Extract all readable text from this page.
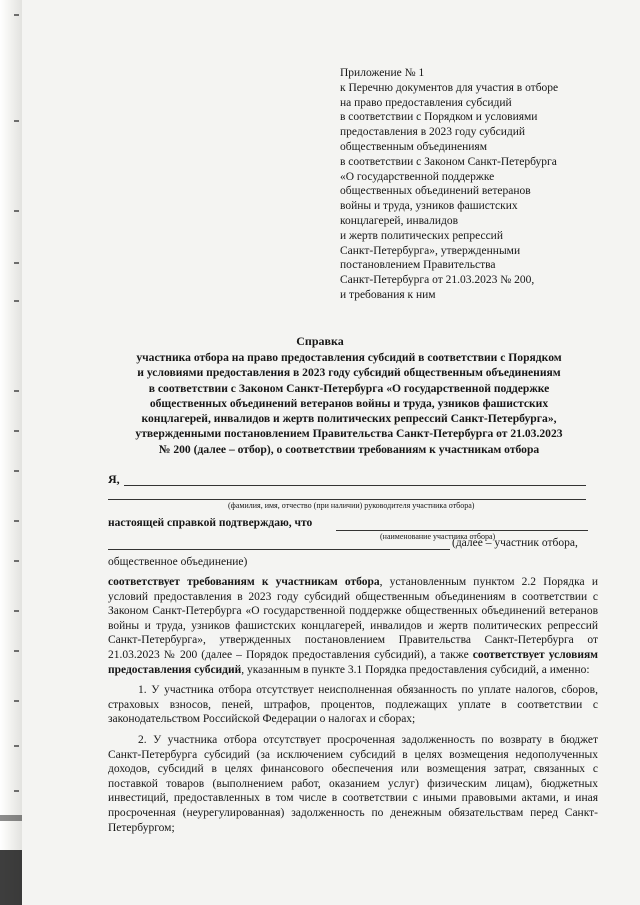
Приложение № 1
к Перечню документов для участия в отборе
на право предоставления субсидий
в соответствии с Порядком и условиями
предоставления в 2023 году субсидий
общественным объединениям
в соответствии с Законом Санкт-Петербурга
«О государственной поддержке
общественных объединений ветеранов
войны и труда, узников фашистских
концлагерей, инвалидов
и жертв политических репрессий
Санкт-Петербурга», утвержденными
постановлением Правительства
Санкт-Петербурга от 21.03.2023 № 200,
и требования к ним
Справка
участника отбора на право предоставления субсидий в соответствии с Порядком
и условиями предоставления в 2023 году субсидий общественным объединениям
в соответствии с Законом Санкт-Петербурга «О государственной поддержке
общественных объединений ветеранов войны и труда, узников фашистских
концлагерей, инвалидов и жертв политических репрессий Санкт-Петербурга»,
утвержденными постановлением Правительства Санкт-Петербурга от 21.03.2023
№ 200 (далее – отбор), о соответствии требованиям к участникам отбора
Я,
(фамилия, имя, отчество (при наличии) руководителя участника отбора)
настоящей справкой подтверждаю, что
(наименование участника отбора)
(далее – участник отбора,
общественное объединение)

соответствует требованиям к участникам отбора, установленным пунктом 2.2 Порядка и условий предоставления в 2023 году субсидий общественным объединениям в соответствии с Законом Санкт-Петербурга «О государственной поддержке общественных объединений ветеранов войны и труда, узников фашистских концлагерей, инвалидов и жертв политических репрессий Санкт-Петербурга», утвержденных постановлением Правительства Санкт-Петербурга от 21.03.2023 № 200 (далее – Порядок предоставления субсидий), а также соответствует условиям предоставления субсидий, указанным в пункте 3.1 Порядка предоставления субсидий, а именно:

1. У участника отбора отсутствует неисполненная обязанность по уплате налогов, сборов, страховых взносов, пеней, штрафов, процентов, подлежащих уплате в соответствии с законодательством Российской Федерации о налогах и сборах;

2. У участника отбора отсутствует просроченная задолженность по возврату в бюджет Санкт-Петербурга субсидий (за исключением субсидий в целях возмещения недополученных доходов, субсидий в целях финансового обеспечения или возмещения затрат, связанных с поставкой товаров (выполнением работ, оказанием услуг) физическим лицам), бюджетных инвестиций, предоставленных в том числе в соответствии с иными правовыми актами, и иная просроченная (неурегулированная) задолженность по денежным обязательствам перед Санкт-Петербургом;
